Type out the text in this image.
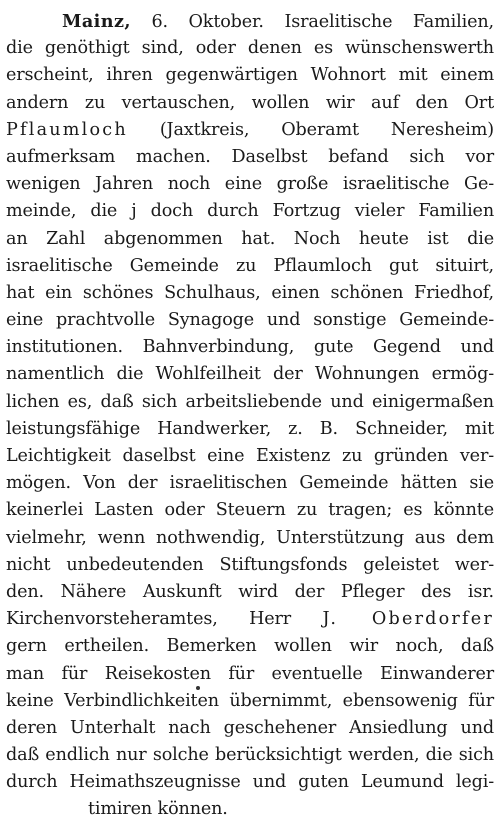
Mainz, 6. Oktober. Israelitische Familien,
die genöthigt sind, oder denen es wünschenswerth
erscheint, ihren gegenwärtigen Wohnort mit einem
andern zu vertauschen, wollen wir auf den Ort
Pflaumloch (Jaxtkreis, Oberamt Neresheim)
aufmerksam machen. Daselbst befand sich vor
wenigen Jahren noch eine große israelitische Ge-
meinde, die j doch durch Fortzug vieler Familien
an Zahl abgenommen hat. Noch heute ist die
israelitische Gemeinde zu Pflaumloch gut situirt,
hat ein schönes Schulhaus, einen schönen Friedhof,
eine prachtvolle Synagoge und sonstige Gemeinde-
institutionen. Bahnverbindung, gute Gegend und
namentlich die Wohlfeilheit der Wohnungen ermög-
lichen es, daß sich arbeitsliebende und einigermaßen
leistungsfähige Handwerker, z. B. Schneider, mit
Leichtigkeit daselbst eine Existenz zu gründen ver-
mögen. Von der israelitischen Gemeinde hätten sie
keinerlei Lasten oder Steuern zu tragen; es könnte
vielmehr, wenn nothwendig, Unterstützung aus dem
nicht unbedeutenden Stiftungsfonds geleistet wer-
den. Nähere Auskunft wird der Pfleger des isr.
Kirchenvorsteheramtes, Herr J. Oberdorfer
gern ertheilen. Bemerken wollen wir noch, daß
man für Reisekosten für eventuelle Einwanderer
keine Verbindlichkeiten übernimmt, ebensowenig für
deren Unterhalt nach geschehener Ansiedlung und
daß endlich nur solche berücksichtigt werden, die sich
durch Heimathszeugnisse und guten Leumund legi-
timiren können.
